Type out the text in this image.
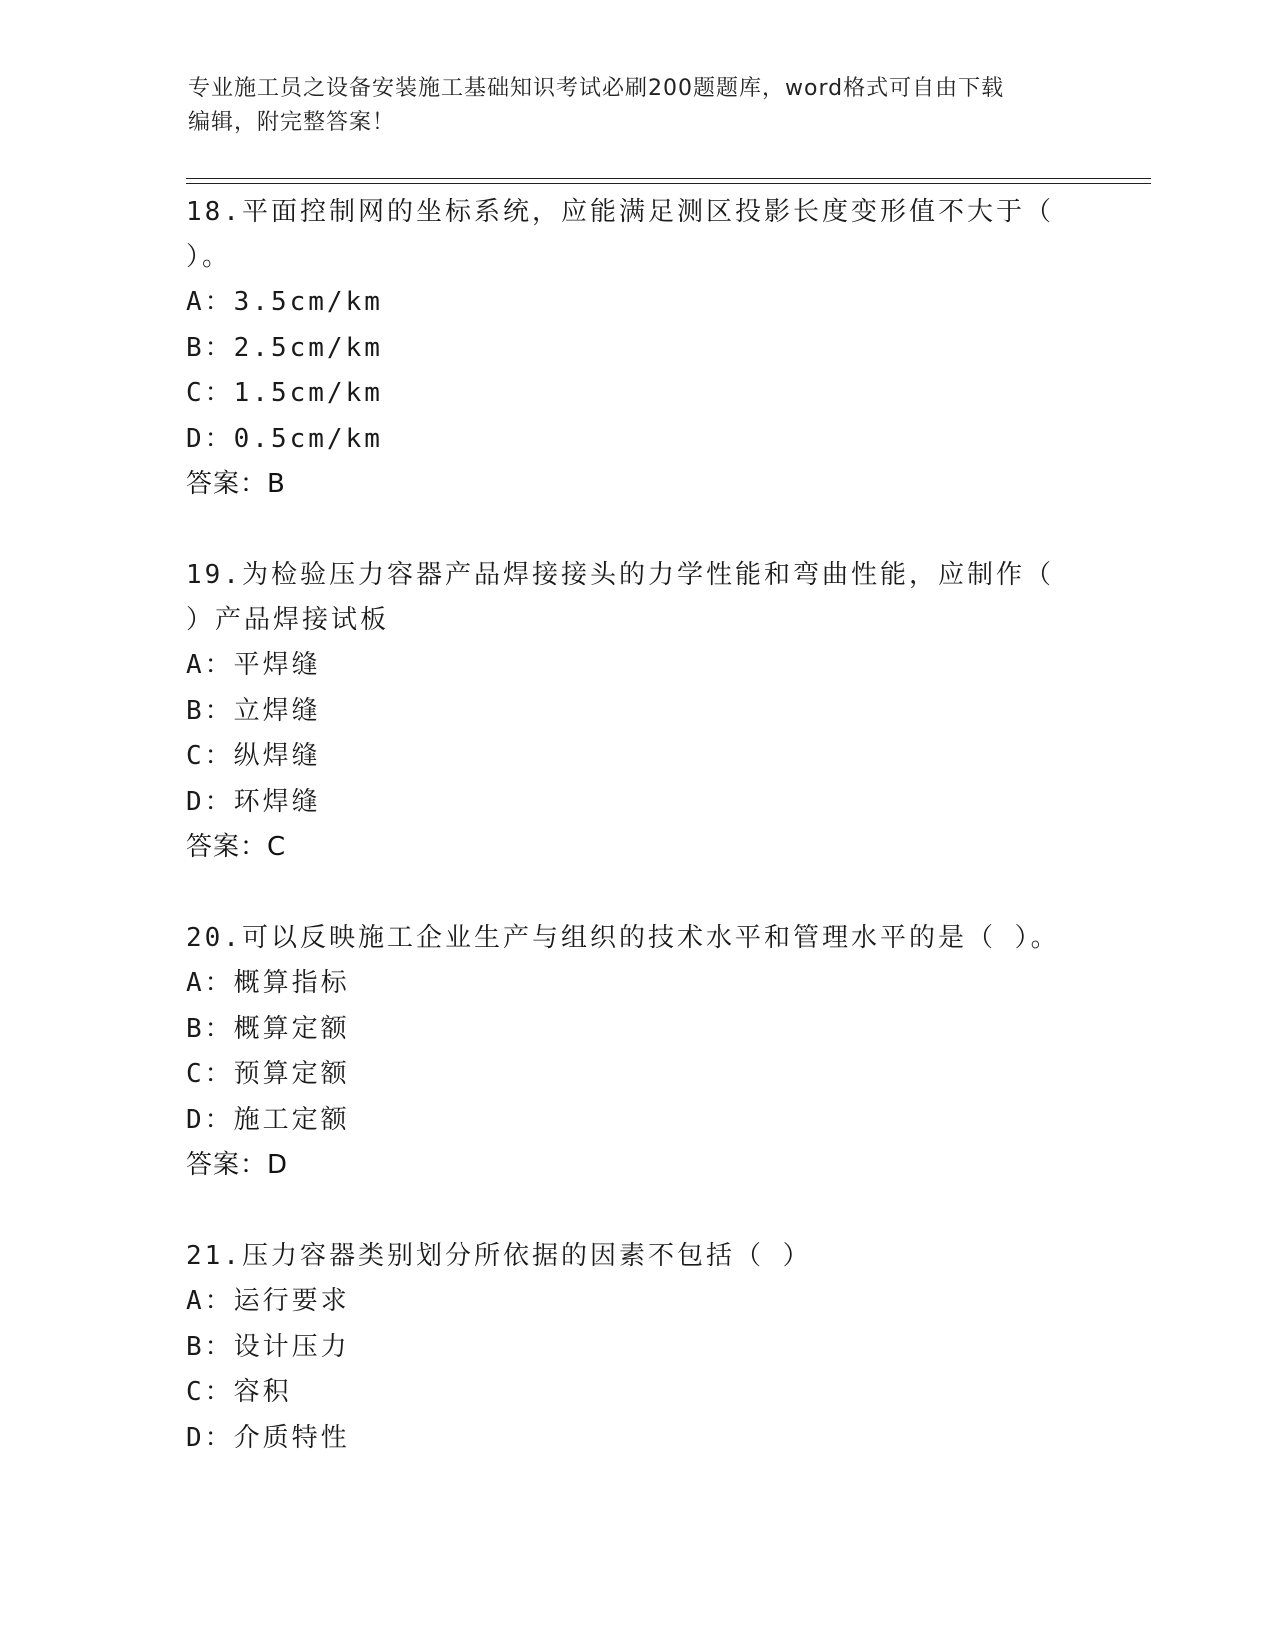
专业施工员之设备安装施工基础知识考试必刷200题题库，word格式可自由下载
编辑，附完整答案！
18.平面控制网的坐标系统，应能满足测区投影长度变形值不大于（
）。
A：3.5cm/km
B：2.5cm/km
C：1.5cm/km
D：0.5cm/km
答案：B
19.为检验压力容器产品焊接接头的力学性能和弯曲性能，应制作（
）产品焊接试板
A：平焊缝
B：立焊缝
C：纵焊缝
D：环焊缝
答案：C
20.可以反映施工企业生产与组织的技术水平和管理水平的是（ ）。
A：概算指标
B：概算定额
C：预算定额
D：施工定额
答案：D
21.压力容器类别划分所依据的因素不包括（ ）
A：运行要求
B：设计压力
C：容积
D：介质特性
